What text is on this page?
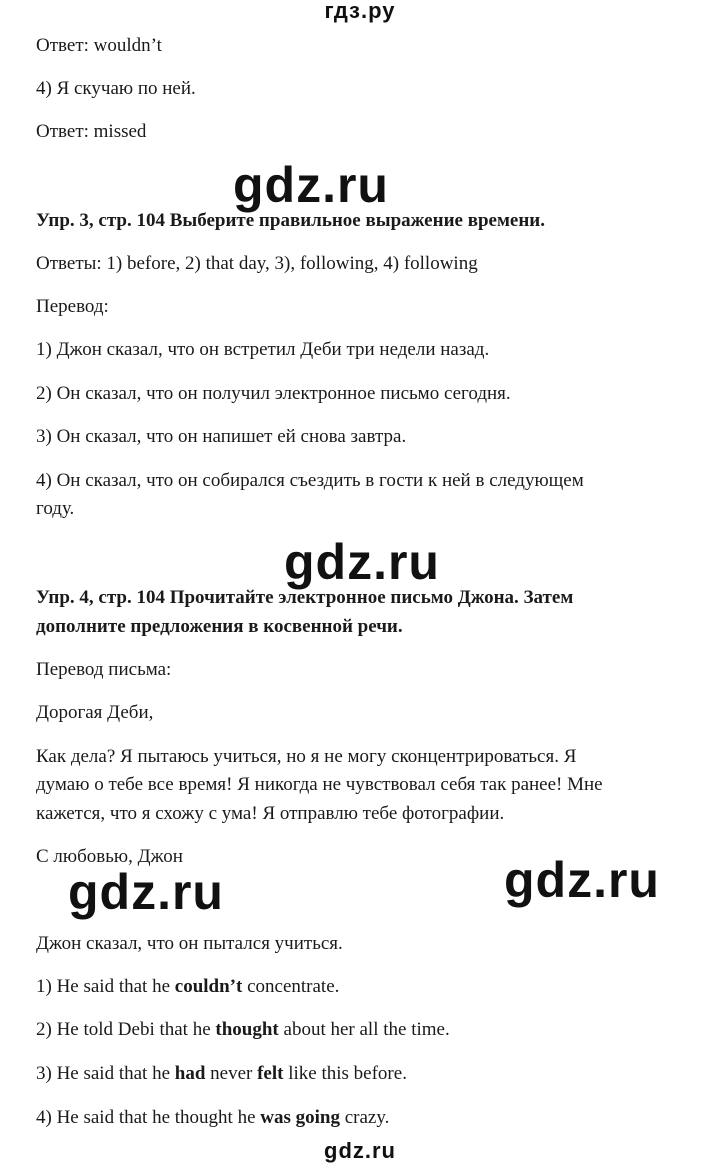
гдз.ру
Ответ: wouldn’t
4) Я скучаю по ней.
Ответ: missed
gdz.ru
Упр. 3, стр. 104 Выберите правильное выражение времени.
Ответы: 1) before, 2) that day, 3), following, 4) following
Перевод:
1) Джон сказал, что он встретил Деби три недели назад.
2) Он сказал, что он получил электронное письмо сегодня.
3) Он сказал, что он напишет ей снова завтра.
4) Он сказал, что он собирался съездить в гости к ней в следующем
году.
gdz.ru
Упр. 4, стр. 104 Прочитайте электронное письмо Джона. Затем
дополните предложения в косвенной речи.
Перевод письма:
Дорогая Деби,
Как дела? Я пытаюсь учиться, но я не могу сконцентрироваться. Я
думаю о тебе все время! Я никогда не чувствовал себя так ранее! Мне
кажется, что я схожу с ума! Я отправлю тебе фотографии.
С любовью, Джон
gdz.ru	gdz.ru
Джон сказал, что он пытался учиться.
1) He said that he couldn’t concentrate.
2) He told Debi that he thought about her all the time.
3) He said that he had never felt like this before.
4) He said that he thought he was going crazy.
gdz.ru
